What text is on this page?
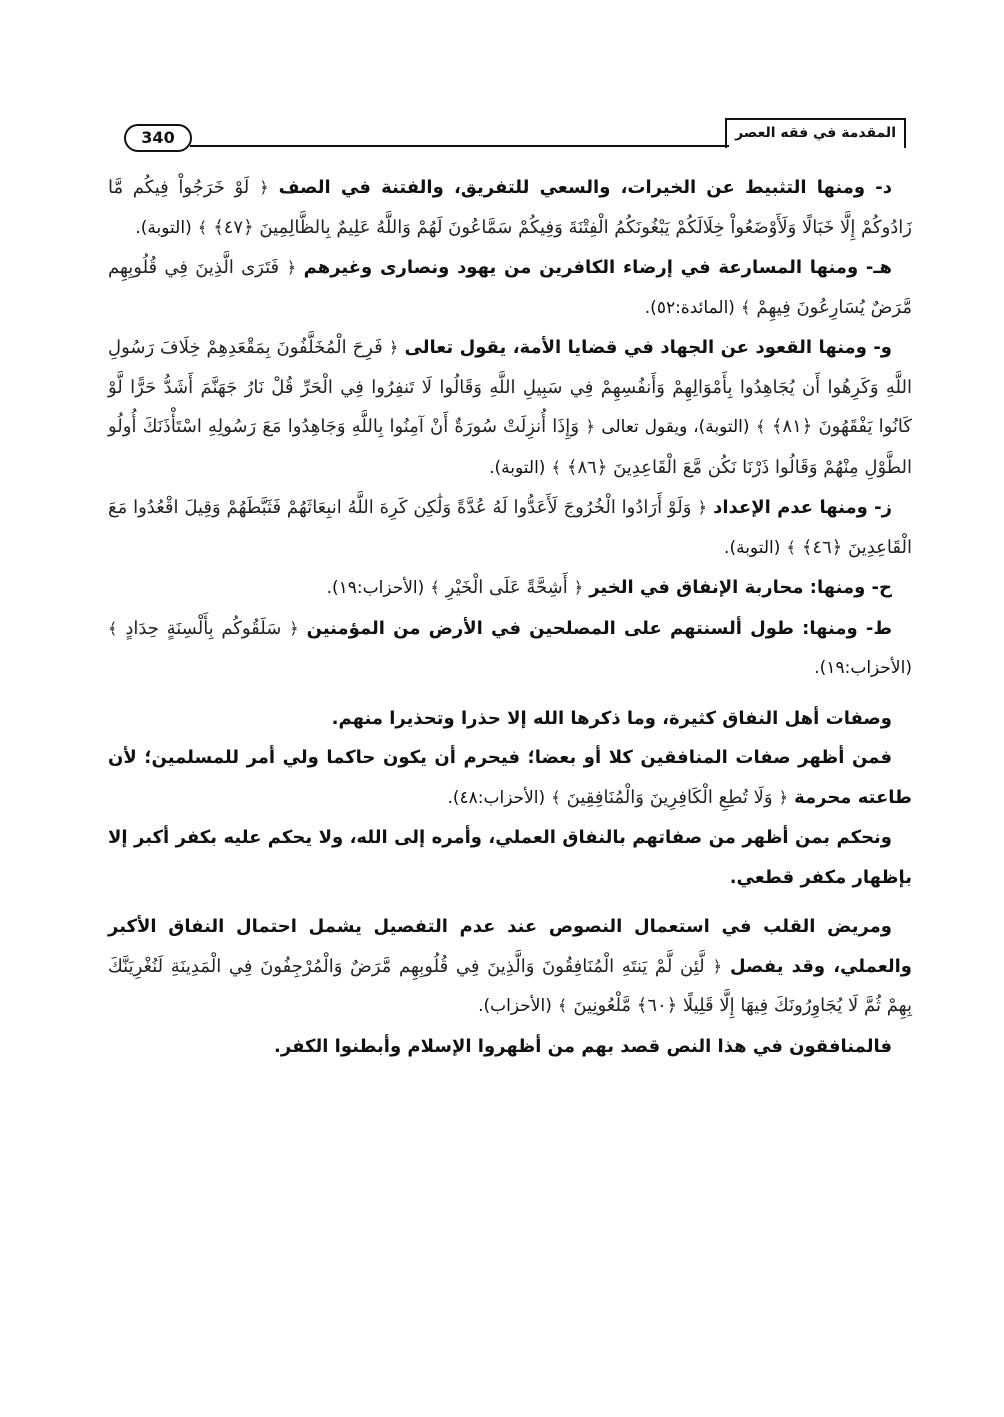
340	المقدمة في فقه العصر

د- ومنها التثبيط عن الخيرات، والسعي للتفريق، والفتنة في الصف ﴿ لَوْ خَرَجُواْ فِيكُم مَّا زَادُوكُمْ إِلَّا خَبَالًا وَلَأَوْضَعُواْ خِلَالَكُمْ يَبْغُونَكُمُ الْفِتْنَةَ وَفِيكُمْ سَمَّاعُونَ لَهُمْ وَاللَّهُ عَلِيمٌ بِالظَّالِمِينَ ﴿٤٧﴾ ﴾ (التوبة).

هـ- ومنها المسارعة في إرضاء الكافرين من يهود ونصارى وغيرهم ﴿ فَتَرَى الَّذِينَ فِي قُلُوبِهِم مَّرَضٌ يُسَارِعُونَ فِيهِمْ ﴾ (المائدة:٥٢).

و- ومنها القعود عن الجهاد في قضايا الأمة، يقول تعالى ﴿ فَرِحَ الْمُخَلَّفُونَ بِمَقْعَدِهِمْ خِلَافَ رَسُولِ اللَّهِ وَكَرِهُوا أَن يُجَاهِدُوا بِأَمْوَالِهِمْ وَأَنفُسِهِمْ فِي سَبِيلِ اللَّهِ وَقَالُوا لَا تَنفِرُوا فِي الْحَرِّ قُلْ نَارُ جَهَنَّمَ أَشَدُّ حَرًّا لَّوْ كَانُوا يَفْقَهُونَ ﴿٨١﴾ ﴾ (التوبة)، ويقول تعالى ﴿ وَإِذَا أُنزِلَتْ سُورَةٌ أَنْ آمِنُوا بِاللَّهِ وَجَاهِدُوا مَعَ رَسُولِهِ اسْتَأْذَنَكَ أُولُو الطَّوْلِ مِنْهُمْ وَقَالُوا ذَرْنَا نَكُن مَّعَ الْقَاعِدِينَ ﴿٨٦﴾ ﴾ (التوبة).

ز- ومنها عدم الإعداد ﴿ وَلَوْ أَرَادُوا الْخُرُوجَ لَأَعَدُّوا لَهُ عُدَّةً وَلَٰكِن كَرِهَ اللَّهُ انبِعَاثَهُمْ فَثَبَّطَهُمْ وَقِيلَ اقْعُدُوا مَعَ الْقَاعِدِينَ ﴿٤٦﴾ ﴾ (التوبة).

ح- ومنها: محاربة الإنفاق في الخير ﴿ أَشِحَّةً عَلَى الْخَيْرِ ﴾ (الأحزاب:١٩).

ط- ومنها: طول ألسنتهم على المصلحين في الأرض من المؤمنين ﴿ سَلَقُوكُم بِأَلْسِنَةٍ حِدَادٍ ﴾ (الأحزاب:١٩).

وصفات أهل النفاق كثيرة، وما ذكرها الله إلا حذرا وتحذيرا منهم.

فمن أظهر صفات المنافقين كلا أو بعضا؛ فيحرم أن يكون حاكما ولي أمر للمسلمين؛ لأن طاعته محرمة ﴿ وَلَا تُطِعِ الْكَافِرِينَ وَالْمُنَافِقِينَ ﴾ (الأحزاب:٤٨).

ونحكم بمن أظهر من صفاتهم بالنفاق العملي، وأمره إلى الله، ولا يحكم عليه بكفر أكبر إلا بإظهار مكفر قطعي.

ومريض القلب في استعمال النصوص عند عدم التفصيل يشمل احتمال النفاق الأكبر والعملي، وقد يفصل ﴿ لَّئِن لَّمْ يَنتَهِ الْمُنَافِقُونَ وَالَّذِينَ فِي قُلُوبِهِم مَّرَضٌ وَالْمُرْجِفُونَ فِي الْمَدِينَةِ لَنُغْرِيَنَّكَ بِهِمْ ثُمَّ لَا يُجَاوِرُونَكَ فِيهَا إِلَّا قَلِيلًا ﴿٦٠﴾ مَّلْعُونِينَ ﴾ (الأحزاب).

فالمنافقون في هذا النص قصد بهم من أظهروا الإسلام وأبطنوا الكفر.
